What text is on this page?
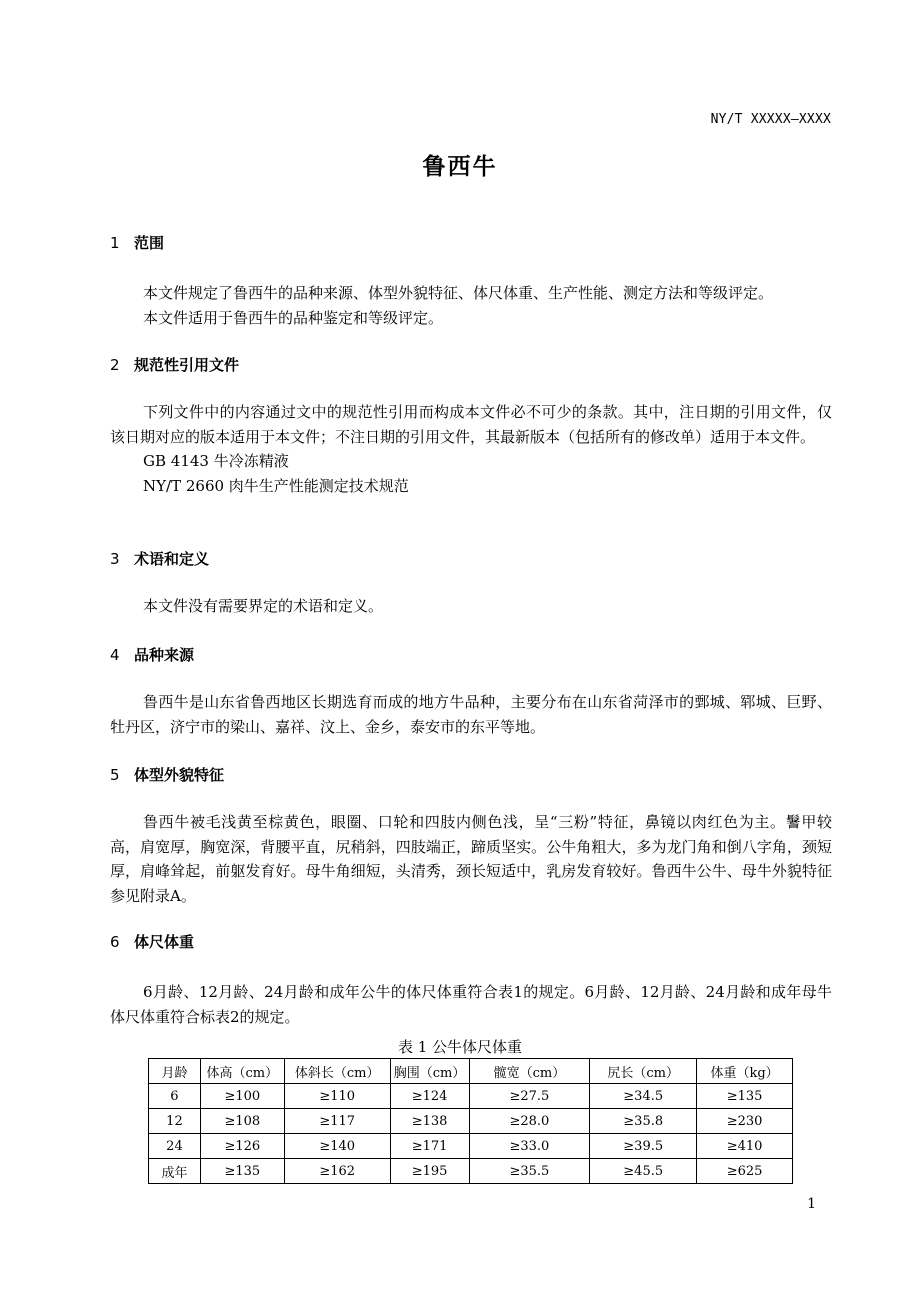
NY/T XXXXX—XXXX
鲁西牛
1 范围

本文件规定了鲁西牛的品种来源、体型外貌特征、体尺体重、生产性能、测定方法和等级评定。

本文件适用于鲁西牛的品种鉴定和等级评定。

2 规范性引用文件

下列文件中的内容通过文中的规范性引用而构成本文件必不可少的条款。其中，注日期的引用文件，仅该日期对应的版本适用于本文件；不注日期的引用文件，其最新版本（包括所有的修改单）适用于本文件。

GB 4143 牛冷冻精液

NY/T 2660 肉牛生产性能测定技术规范

3 术语和定义

本文件没有需要界定的术语和定义。

4 品种来源

鲁西牛是山东省鲁西地区长期选育而成的地方牛品种，主要分布在山东省菏泽市的鄄城、郓城、巨野、牡丹区，济宁市的梁山、嘉祥、汶上、金乡，泰安市的东平等地。

5 体型外貌特征

鲁西牛被毛浅黄至棕黄色，眼圈、口轮和四肢内侧色浅，呈“三粉”特征，鼻镜以肉红色为主。鬐甲较高，肩宽厚，胸宽深，背腰平直，尻稍斜，四肢端正，蹄质坚实。公牛角粗大，多为龙门角和倒八字角，颈短厚，肩峰耸起，前躯发育好。母牛角细短，头清秀，颈长短适中，乳房发育较好。鲁西牛公牛、母牛外貌特征参见附录A。

6 体尺体重

6月龄、12月龄、24月龄和成年公牛的体尺体重符合表1的规定。6月龄、12月龄、24月龄和成年母牛体尺体重符合标表2的规定。

表 1 公牛体尺体重
月龄	体高（cm）	体斜长（cm）	胸围（cm）	髋宽（cm）	尻长（cm）	体重（kg）
6	≥100	≥110	≥124	≥27.5	≥34.5	≥135
12	≥108	≥117	≥138	≥28.0	≥35.8	≥230
24	≥126	≥140	≥171	≥33.0	≥39.5	≥410
成年	≥135	≥162	≥195	≥35.5	≥45.5	≥625
1
